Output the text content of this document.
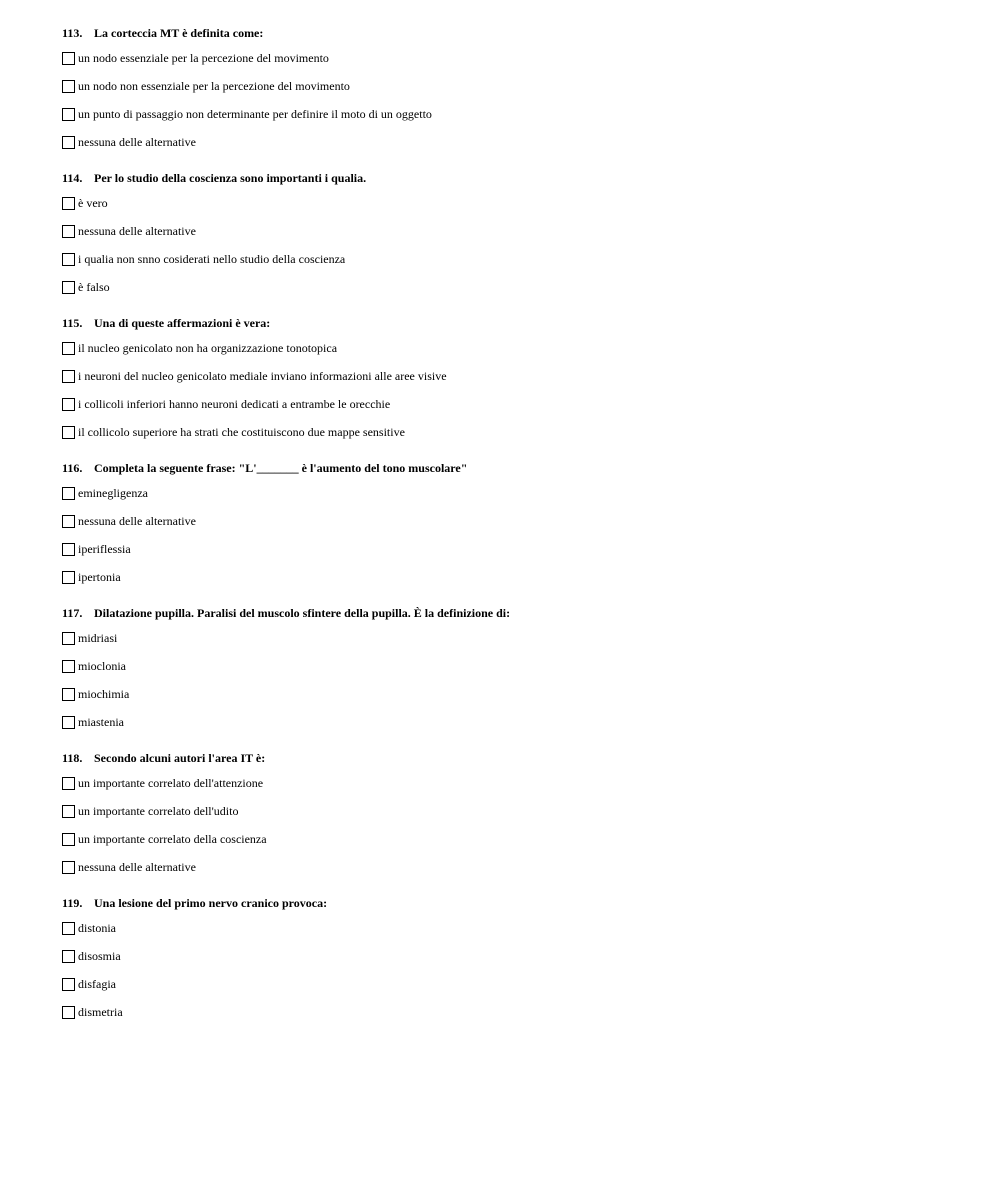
113. La corteccia MT è definita come:
un nodo essenziale per la percezione del movimento
un nodo non essenziale per la percezione del movimento
un punto di passaggio non determinante per definire il moto di un oggetto
nessuna delle alternative
114. Per lo studio della coscienza sono importanti i qualia.
è vero
nessuna delle alternative
i qualia non snno cosiderati nello studio della coscienza
è falso
115. Una di queste affermazioni è vera:
il nucleo genicolato non ha organizzazione tonotopica
i neuroni del nucleo genicolato mediale inviano informazioni alle aree visive
i collicoli inferiori hanno neuroni dedicati a entrambe le orecchie
il collicolo superiore ha strati che costituiscono due mappe sensitive
116. Completa la seguente frase: "L'_______ è l'aumento del tono muscolare"
eminegligenza
nessuna delle alternative
iperiflessia
ipertonia
117. Dilatazione pupilla. Paralisi del muscolo sfintere della pupilla. È la definizione di:
midriasi
mioclonia
miochimia
miastenia
118. Secondo alcuni autori l'area IT è:
un importante correlato dell'attenzione
un importante correlato dell'udito
un importante correlato della coscienza
nessuna delle alternative
119. Una lesione del primo nervo cranico provoca:
distonia
disosmia
disfagia
dismetria
